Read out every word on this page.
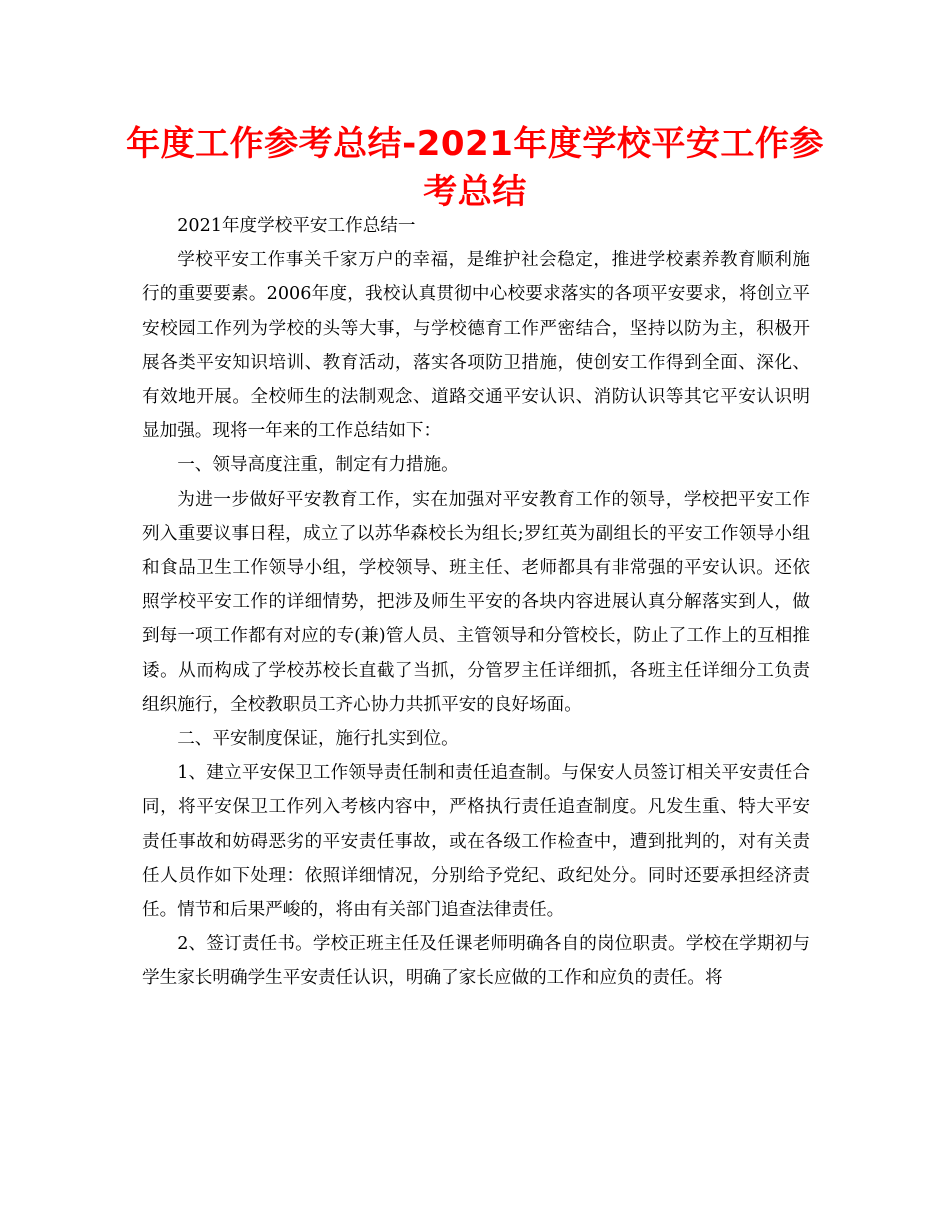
年度工作参考总结-2021年度学校平安工作参考总结

2021年度学校平安工作总结一

学校平安工作事关千家万户的幸福，是维护社会稳定，推进学校素养教育顺利施行的重要要素。2006年度，我校认真贯彻中心校要求落实的各项平安要求，将创立平安校园工作列为学校的头等大事，与学校德育工作严密结合，坚持以防为主，积极开展各类平安知识培训、教育活动，落实各项防卫措施，使创安工作得到全面、深化、有效地开展。全校师生的法制观念、道路交通平安认识、消防认识等其它平安认识明显加强。现将一年来的工作总结如下：

一、领导高度注重，制定有力措施。

为进一步做好平安教育工作，实在加强对平安教育工作的领导，学校把平安工作列入重要议事日程，成立了以苏华森校长为组长;罗红英为副组长的平安工作领导小组和食品卫生工作领导小组，学校领导、班主任、老师都具有非常强的平安认识。还依照学校平安工作的详细情势，把涉及师生平安的各块内容进展认真分解落实到人，做到每一项工作都有对应的专(兼)管人员、主管领导和分管校长，防止了工作上的互相推诿。从而构成了学校苏校长直截了当抓，分管罗主任详细抓，各班主任详细分工负责组织施行，全校教职员工齐心协力共抓平安的良好场面。

二、平安制度保证，施行扎实到位。

1、建立平安保卫工作领导责任制和责任追查制。与保安人员签订相关平安责任合同，将平安保卫工作列入考核内容中，严格执行责任追查制度。凡发生重、特大平安责任事故和妨碍恶劣的平安责任事故，或在各级工作检查中，遭到批判的，对有关责任人员作如下处理：依照详细情况，分别给予党纪、政纪处分。同时还要承担经济责任。情节和后果严峻的，将由有关部门追查法律责任。

2、签订责任书。学校正班主任及任课老师明确各自的岗位职责。学校在学期初与学生家长明确学生平安责任认识，明确了家长应做的工作和应负的责任。将
